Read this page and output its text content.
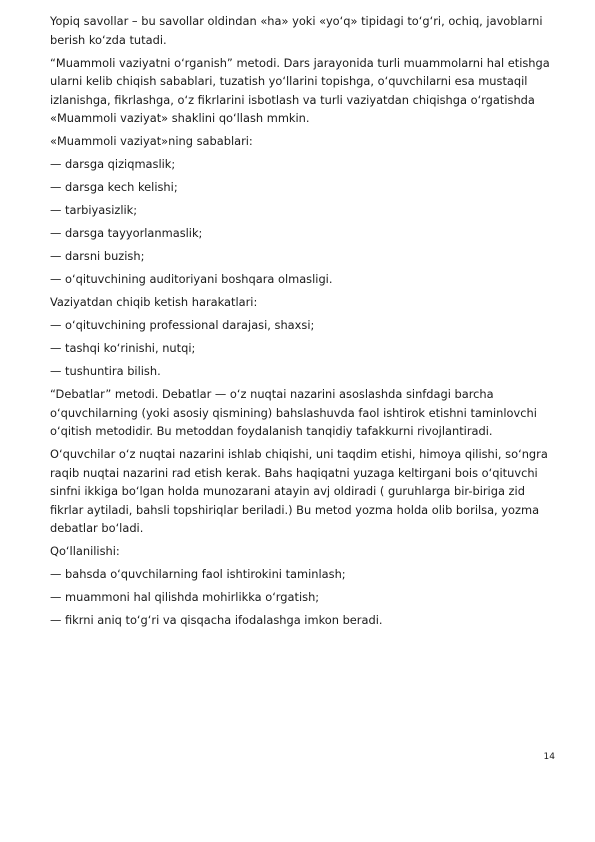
Yopiq savollar – bu savollar oldindan «ha» yoki «yo‘q» tipidagi to‘g‘ri, ochiq, javoblarni berish ko‘zda tutadi.

“Muammoli vaziyatni o‘rganish” metodi. Dars jarayonida turli muammolarni hal etishga ularni kelib chiqish sabablari, tuzatish yo‘llarini topishga, o‘quvchilarni esa mustaqil izlanishga, fikrlashga, o‘z fikrlarini isbotlash va turli vaziyatdan chiqishga o‘rgatishda «Muammoli vaziyat» shaklini qo‘llash mmkin.

«Muammoli vaziyat»ning sabablari:

— darsga qiziqmaslik;

— darsga kech kelishi;

— tarbiyasizlik;

— darsga tayyorlanmaslik;

— darsni buzish;

— o‘qituvchining auditoriyani boshqara olmasligi.

Vaziyatdan chiqib ketish harakatlari:

— o‘qituvchining professional darajasi, shaxsi;

— tashqi ko‘rinishi, nutqi;

— tushuntira bilish.

“Debatlar” metodi. Debatlar — o‘z nuqtai nazarini asoslashda sinfdagi barcha o‘quvchilarning (yoki asosiy qismining) bahslashuvda faol ishtirok etishni taminlovchi o‘qitish metodidir. Bu metoddan foydalanish tanqidiy tafakkurni rivojlantiradi.

O‘quvchilar o‘z nuqtai nazarini ishlab chiqishi, uni taqdim etishi, himoya qilishi, so‘ngra raqib nuqtai nazarini rad etish kerak. Bahs haqiqatni yuzaga keltirgani bois o‘qituvchi sinfni ikkiga bo‘lgan holda munozarani atayin avj oldiradi ( guruhlarga bir-biriga zid fikrlar aytiladi, bahsli topshiriqlar beriladi.) Bu metod yozma holda olib borilsa, yozma debatlar bo‘ladi.

Qo‘llanilishi:

— bahsda o‘quvchilarning faol ishtirokini taminlash;

— muammoni hal qilishda mohirlikka o‘rgatish;

— fikrni aniq to‘g‘ri va qisqacha ifodalashga imkon beradi.

14
